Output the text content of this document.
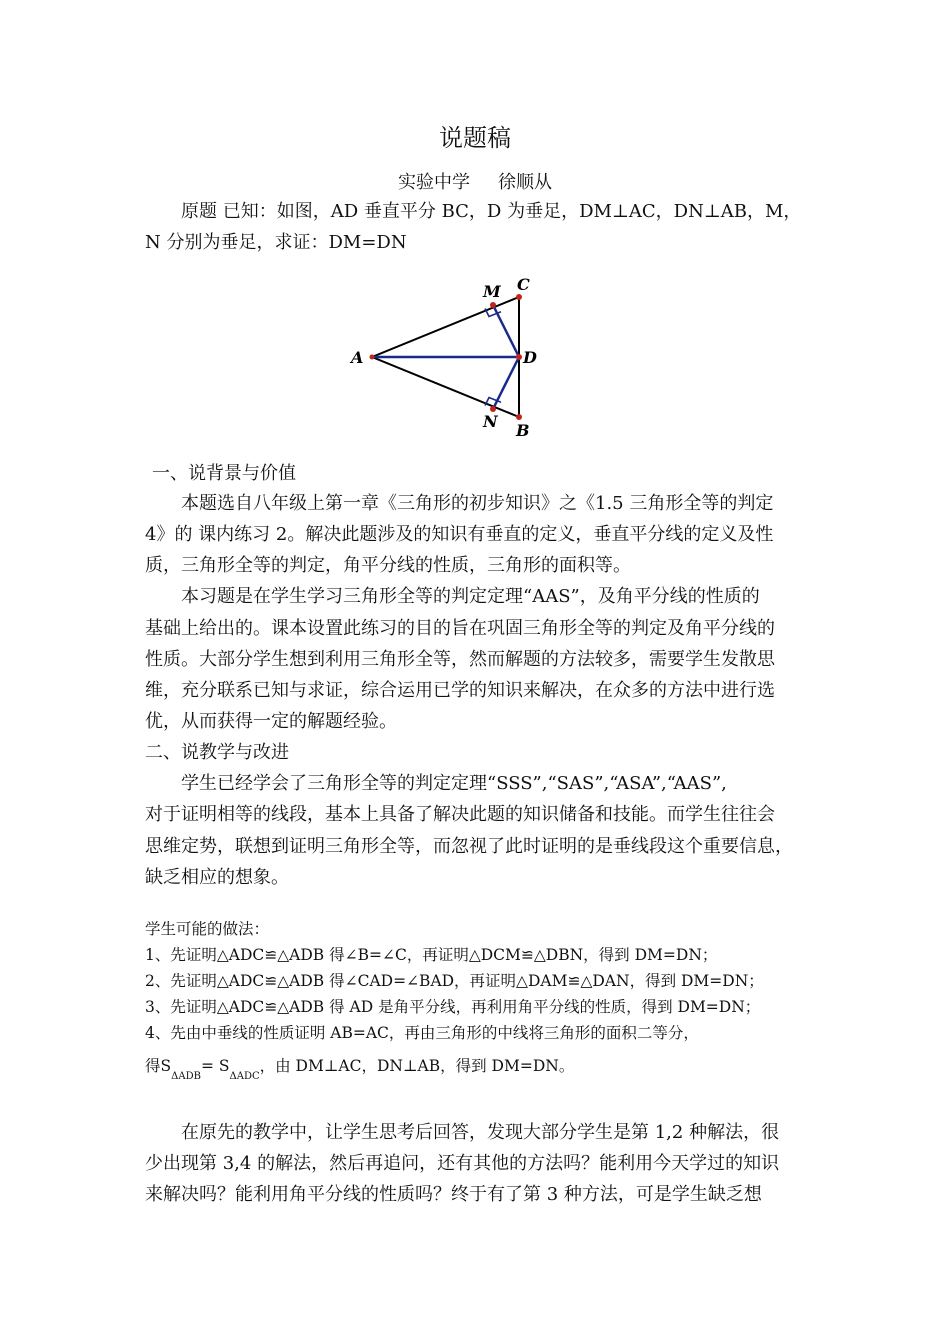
说题稿
实验中学 徐顺从
原题 已知：如图，AD 垂直平分 BC，D 为垂足，DM⊥AC，DN⊥AB，M，
N 分别为垂足，求证：DM=DN
A
C
M
D
N B
一、说背景与价值
本题选自八年级上第一章《三角形的初步知识》之《1.5 三角形全等的判定
4》的 课内练习 2。解决此题涉及的知识有垂直的定义，垂直平分线的定义及性
质，三角形全等的判定，角平分线的性质，三角形的面积等。
本习题是在学生学习三角形全等的判定定理“AAS”，及角平分线的性质的
基础上给出的。课本设置此练习的目的旨在巩固三角形全等的判定及角平分线的
性质。大部分学生想到利用三角形全等，然而解题的方法较多，需要学生发散思
维，充分联系已知与求证，综合运用已学的知识来解决，在众多的方法中进行选
优，从而获得一定的解题经验。
二、说教学与改进
学生已经学会了三角形全等的判定定理“SSS”,“SAS”,“ASA”,“AAS”,
对于证明相等的线段，基本上具备了解决此题的知识储备和技能。而学生往往会
思维定势，联想到证明三角形全等，而忽视了此时证明的是垂线段这个重要信息，
缺乏相应的想象。
学生可能的做法：
1、先证明△ADC≌△ADB 得∠B=∠C，再证明△DCM≌△DBN，得到 DM=DN；
2、先证明△ADC≌△ADB 得∠CAD=∠BAD，再证明△DAM≌△DAN，得到 DM=DN；
3、先证明△ADC≌△ADB 得 AD 是角平分线，再利用角平分线的性质，得到 DM=DN；
4、先由中垂线的性质证明 AB=AC，再由三角形的中线将三角形的面积二等分，
得$S_{\Delta ADB}= S_{\Delta ADC}$，由 DM⊥AC，DN⊥AB，得到 DM=DN。
在原先的教学中，让学生思考后回答，发现大部分学生是第 1,2 种解法，很
少出现第 3,4 的解法，然后再追问，还有其他的方法吗？能利用今天学过的知识
来解决吗？能利用角平分线的性质吗？终于有了第 3 种方法，可是学生缺乏想
